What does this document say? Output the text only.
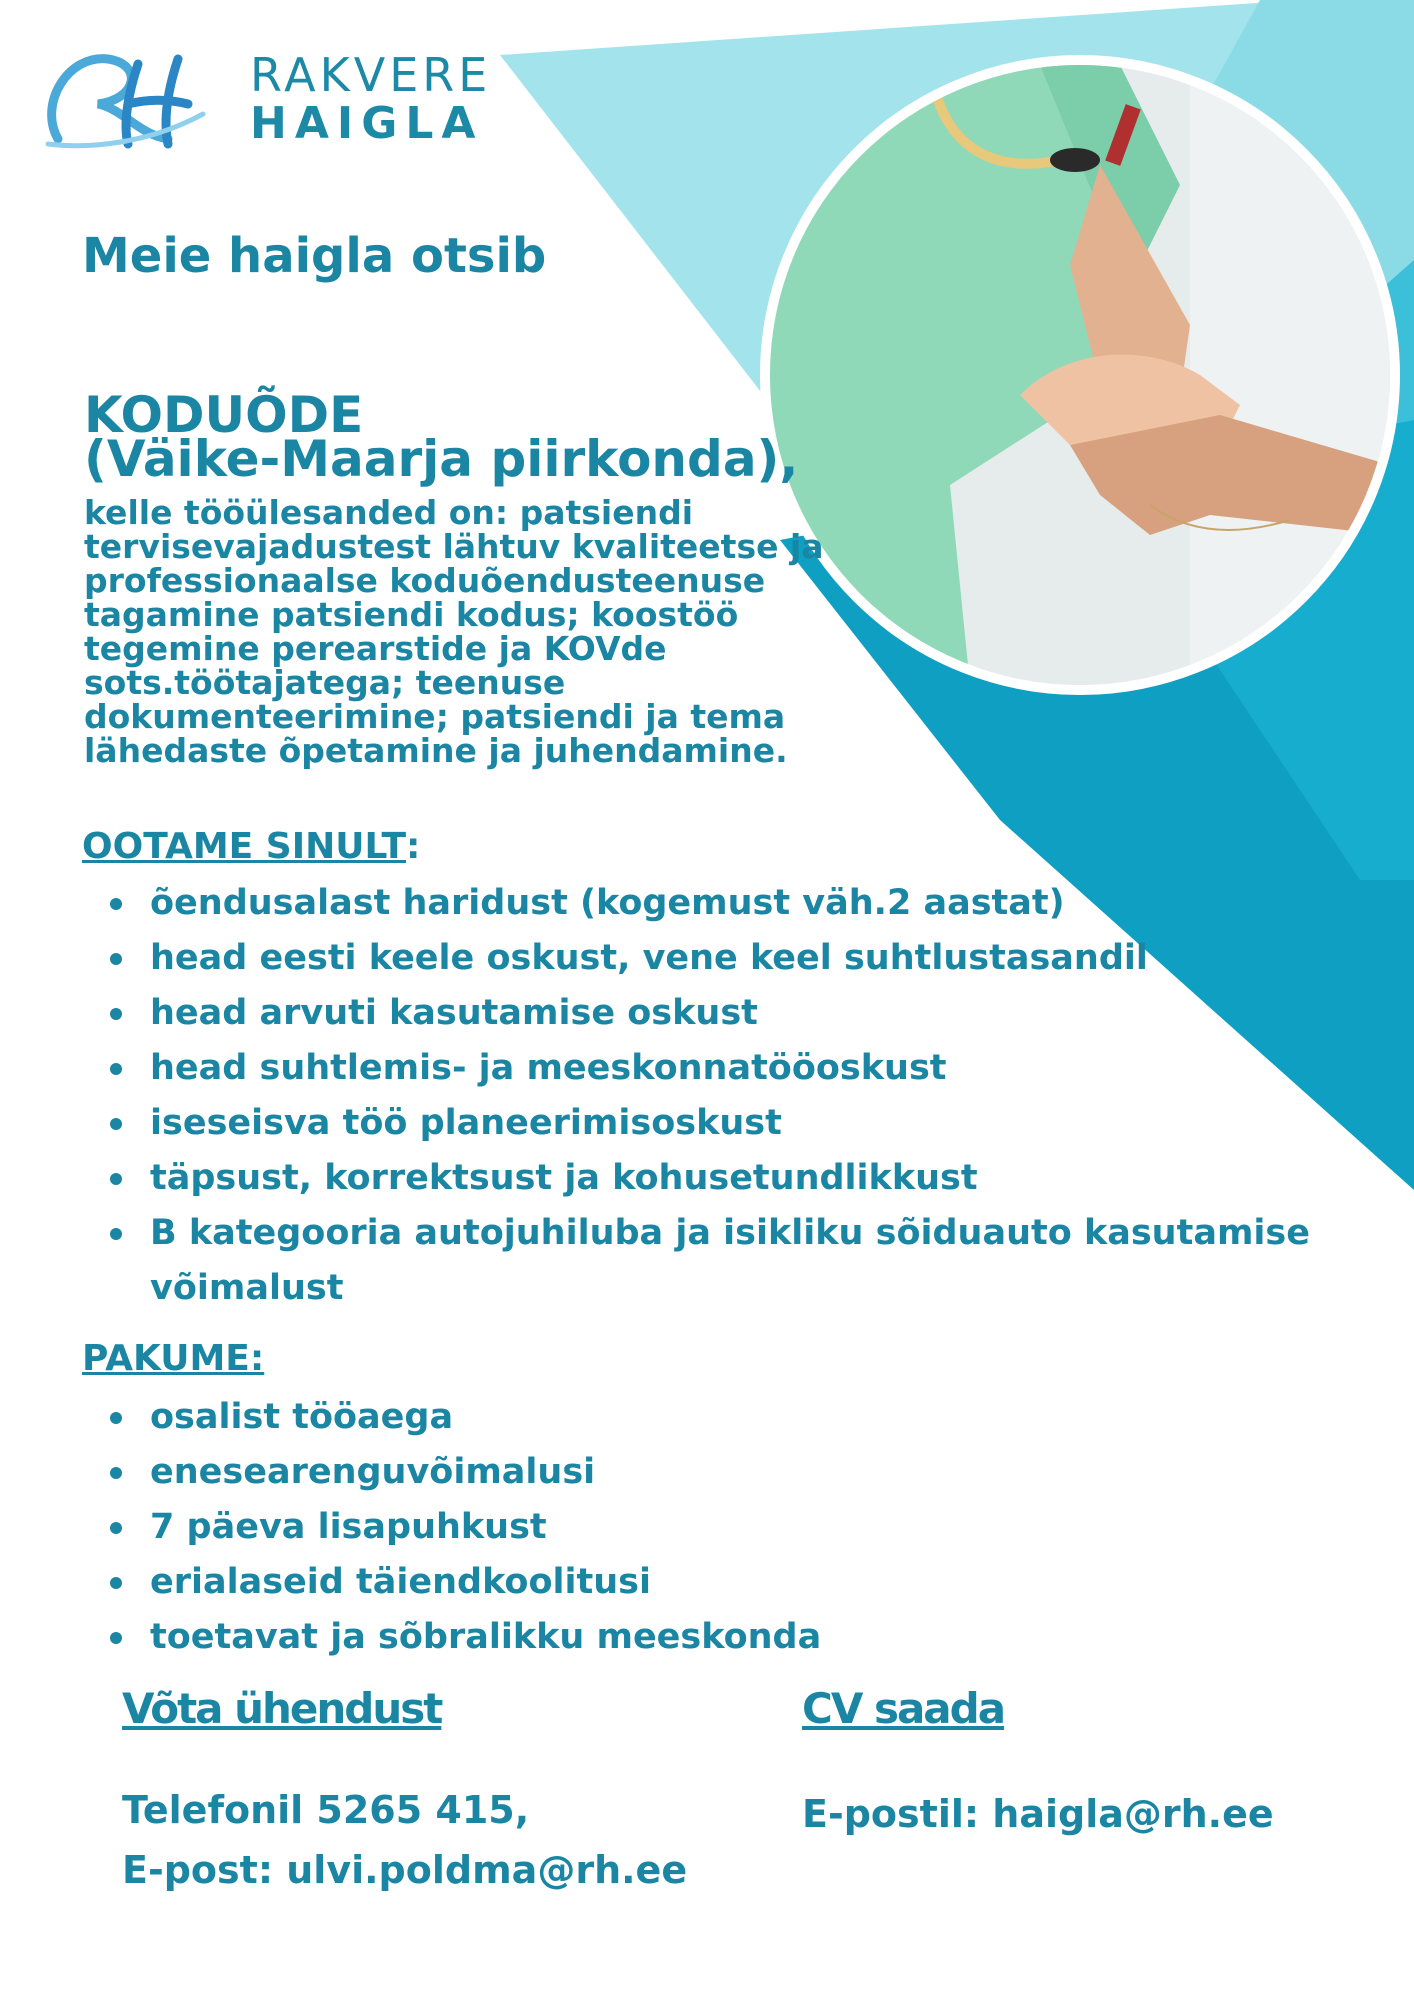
RAKVERE
HAIGLA

Meie haigla otsib

KODUÕDE
(Väike-Maarja piirkonda),

kelle tööülesanded on: patsiendi tervisevajadustest lähtuv kvaliteetse ja professionaalse koduõendusteenuse tagamine patsiendi kodus; koostöö tegemine perearstide ja KOVde sots.töötajatega; teenuse dokumenteerimine; patsiendi ja tema lähedaste õpetamine ja juhendamine.

OOTAME SINULT:

õendusalast haridust (kogemust väh.2 aastat)
head eesti keele oskust, vene keel suhtlustasandil
head arvuti kasutamise oskust
head suhtlemis- ja meeskonnatööoskust
iseseisva töö planeerimisoskust
täpsust, korrektsust ja kohusetundlikkust
B kategooria autojuhiluba ja isikliku sõiduauto kasutamise võimalust

PAKUME:

osalist tööaega
enesearenguvõimalusi
7 päeva lisapuhkust
erialaseid täiendkoolitusi
toetavat ja sõbralikku meeskonda

Võta ühendust	CV saada

Telefonil 5265 415,
E-post: ulvi.poldma@rh.ee
E-postil: haigla@rh.ee
